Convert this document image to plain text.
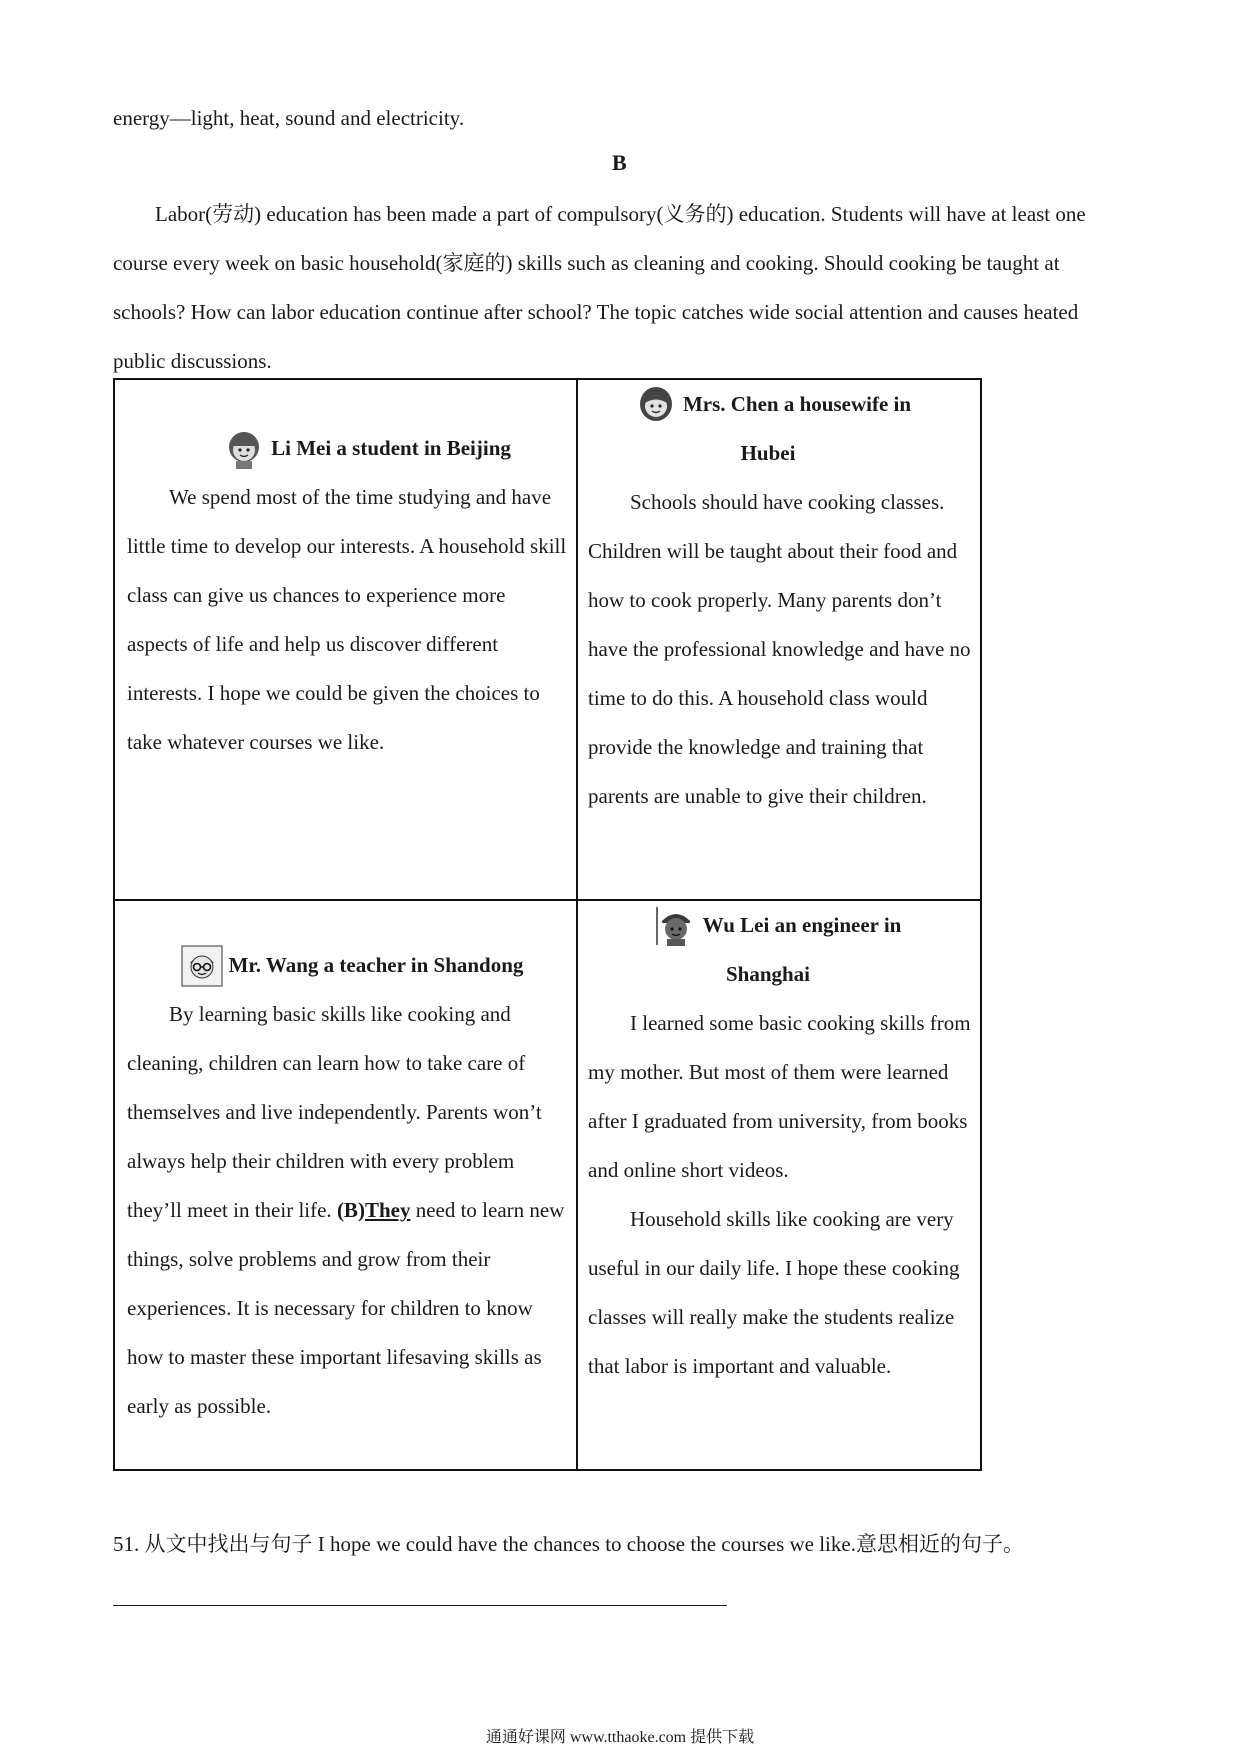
energy—light, heat, sound and electricity.
B

Labor(劳动) education has been made a part of compulsory(义务的) education. Students will have at least one course every week on basic household(家庭的) skills such as cleaning and cooking. Should cooking be taught at schools? How can labor education continue after school? The topic catches wide social attention and causes heated public discussions.

Li Mei a student in Beijing

We spend most of the time studying and have little time to develop our interests. A household skill class can give us chances to experience more aspects of life and help us discover different interests. I hope we could be given the choices to take whatever courses we like.

Mrs. Chen a housewife in
Hubei

Schools should have cooking classes. Children will be taught about their food and how to cook properly. Many parents don’t have the professional knowledge and have no time to do this. A household class would provide the knowledge and training that parents are unable to give their children.

Mr. Wang a teacher in Shandong

By learning basic skills like cooking and cleaning, children can learn how to take care of themselves and live independently. Parents won’t always help their children with every problem they’ll meet in their life. (B)They need to learn new things, solve problems and grow from their experiences. It is necessary for children to know how to master these important lifesaving skills as early as possible.

Wu Lei an engineer in
Shanghai

I learned some basic cooking skills from my mother. But most of them were learned after I graduated from university, from books and online short videos.

Household skills like cooking are very useful in our daily life. I hope these cooking classes will really make the students realize that labor is important and valuable.

51. 从文中找出与句子 I hope we could have the chances to choose the courses we like.意思相近的句子。
通通好课网 www.tthaoke.com 提供下载
